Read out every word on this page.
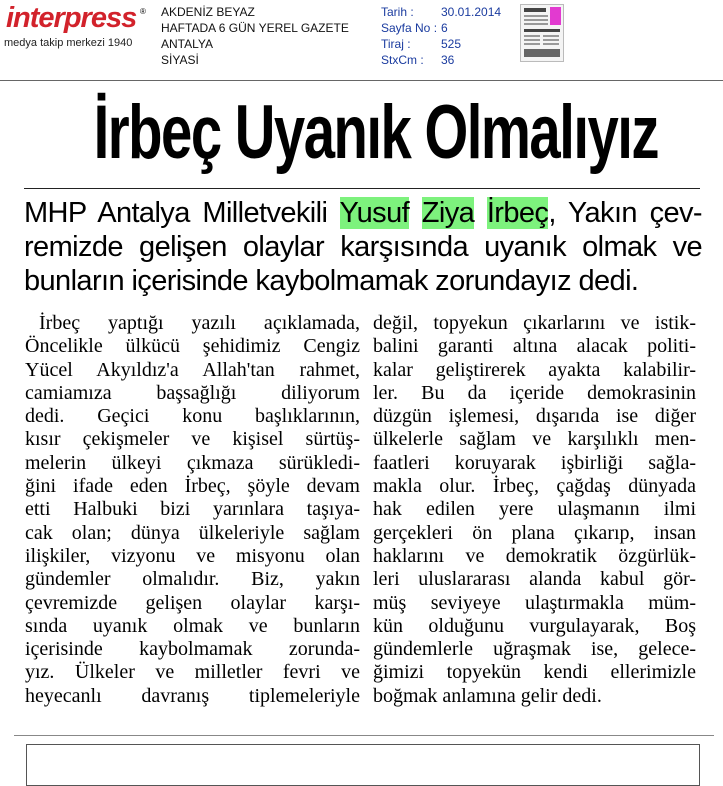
interpress ®
medya takip merkezi 1940
AKDENİZ BEYAZ
HAFTADA 6 GÜN YEREL GAZETE
ANTALYA
SİYASİ
Tarih : 30.01.2014
Sayfa No : 6
Tiraj :	525
StxCm : 36
İrbeç Uyanık Olmalıyız
MHP Antalya Milletvekili Yusuf Ziya İrbeç, Yakın çev-
remizde gelişen olaylar karşısında uyanık olmak ve
bunların içerisinde kaybolmamak zorundayız dedi.
İrbeç yaptığı yazılı açıklamada,
Öncelikle ülkücü şehidimiz Cengiz
Yücel Akyıldız'a Allah'tan rahmet,
camiamıza başsağlığı diliyorum
dedi. Geçici konu başlıklarının,
kısır çekişmeler ve kişisel sürtüş-
melerin ülkeyi çıkmaza sürükledi-
ğini ifade eden İrbeç, şöyle devam
etti Halbuki bizi yarınlara taşıya-
cak olan; dünya ülkeleriyle sağlam
ilişkiler, vizyonu ve misyonu olan
gündemler olmalıdır. Biz, yakın
çevremizde gelişen olaylar karşı-
sında uyanık olmak ve bunların
içerisinde kaybolmamak zorunda-
yız. Ülkeler ve milletler fevri ve
heyecanlı davranış tiplemeleriyle
değil, topyekun çıkarlarını ve istik-
balini garanti altına alacak politi-
kalar geliştirerek ayakta kalabilir-
ler. Bu da içeride demokrasinin
düzgün işlemesi, dışarıda ise diğer
ülkelerle sağlam ve karşılıklı men-
faatleri koruyarak işbirliği sağla-
makla olur. İrbeç, çağdaş dünyada
hak edilen yere ulaşmanın ilmi
gerçekleri ön plana çıkarıp, insan
haklarını ve demokratik özgürlük-
leri uluslararası alanda kabul gör-
müş seviyeye ulaştırmakla müm-
kün olduğunu vurgulayarak, Boş
gündemlerle uğraşmak ise, gelece-
ğimizi topyekün kendi ellerimizle
boğmak anlamına gelir dedi.
